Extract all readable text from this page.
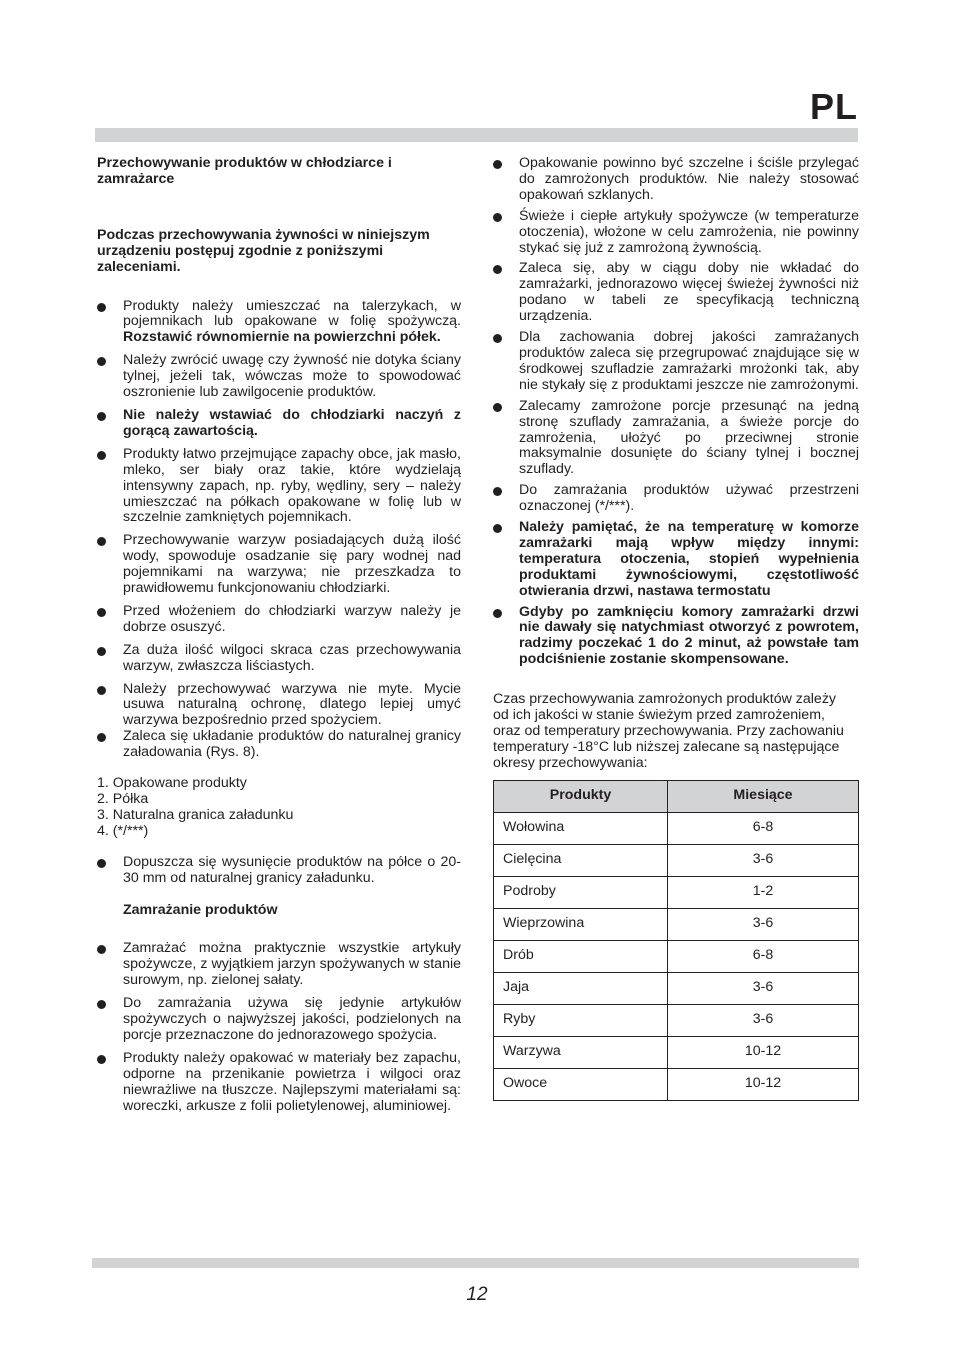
PL

Przechowywanie produktów w chłodziarce i zamrażarce

Podczas przechowywania żywności w niniejszym urządzeniu postępuj zgodnie z poniższymi zaleceniami.

Produkty należy umieszczać na talerzykach, w pojemnikach lub opakowane w folię spożywczą. Rozstawić równomiernie na powierzchni półek.
Należy zwrócić uwagę czy żywność nie dotyka ściany tylnej, jeżeli tak, wówczas może to spowodować oszronienie lub zawilgocenie produktów.
Nie należy wstawiać do chłodziarki naczyń z gorącą zawartością.
Produkty łatwo przejmujące zapachy obce, jak masło, mleko, ser biały oraz takie, które wydzielają intensywny zapach, np. ryby, wędliny, sery – należy umieszczać na półkach opakowane w folię lub w szczelnie zamkniętych pojemnikach.
Przechowywanie warzyw posiadających dużą ilość wody, spowoduje osadzanie się pary wodnej nad pojemnikami na warzywa; nie przeszkadza to prawidłowemu funkcjonowaniu chłodziarki.
Przed włożeniem do chłodziarki warzyw należy je dobrze osuszyć.
Za duża ilość wilgoci skraca czas przechowywania warzyw, zwłaszcza liściastych.
Należy przechowywać warzywa nie myte. Mycie usuwa naturalną ochronę, dlatego lepiej umyć warzywa bezpośrednio przed spożyciem.
Zaleca się układanie produktów do naturalnej granicy załadowania (Rys. 8).
1. Opakowane produkty
2. Półka
3. Naturalna granica załadunku
4. (*/***)
Dopuszcza się wysunięcie produktów na półce o 20-30 mm od naturalnej granicy załadunku.

Zamrażanie produktów

Zamrażać można praktycznie wszystkie artykuły spożywcze, z wyjątkiem jarzyn spożywanych w stanie surowym, np. zielonej sałaty.
Do zamrażania używa się jedynie artykułów spożywczych o najwyższej jakości, podzielonych na porcje przeznaczone do jednorazowego spożycia.
Produkty należy opakować w materiały bez zapachu, odporne na przenikanie powietrza i wilgoci oraz niewrażliwe na tłuszcze. Najlepszymi materiałami są: woreczki, arkusze z folii polietylenowej, aluminiowej.
Opakowanie powinno być szczelne i ściśle przylegać do zamrożonych produktów. Nie należy stosować opakowań szklanych.
Świeże i ciepłe artykuły spożywcze (w temperaturze otoczenia), włożone w celu zamrożenia, nie powinny stykać się już z zamrożoną żywnością.
Zaleca się, aby w ciągu doby nie wkładać do zamrażarki, jednorazowo więcej świeżej żywności niż podano w tabeli ze specyfikacją techniczną urządzenia.
Dla zachowania dobrej jakości zamrażanych produktów zaleca się przegrupować znajdujące się w środkowej szufladzie zamrażarki mrożonki tak, aby nie stykały się z produktami jeszcze nie zamrożonymi.
Zalecamy zamrożone porcje przesunąć na jedną stronę szuflady zamrażania, a świeże porcje do zamrożenia, ułożyć po przeciwnej stronie maksymalnie dosunięte do ściany tylnej i bocznej szuflady.
Do zamrażania produktów używać przestrzeni oznaczonej (*/***).
Należy pamiętać, że na temperaturę w komorze zamrażarki mają wpływ między innymi: temperatura otoczenia, stopień wypełnienia produktami żywnościowymi, częstotliwość otwierania drzwi, nastawa termostatu
Gdyby po zamknięciu komory zamrażarki drzwi nie dawały się natychmiast otworzyć z powrotem, radzimy poczekać 1 do 2 minut, aż powstałe tam podciśnienie zostanie skompensowane.

Czas przechowywania zamrożonych produktów zależy od ich jakości w stanie świeżym przed zamrożeniem, oraz od temperatury przechowywania. Przy zachowaniu temperatury -18°C lub niższej zalecane są następujące okresy przechowywania:

Produkty	Miesiące
Wołowina	6-8
Cielęcina	3-6
Podroby	1-2
Wieprzowina	3-6
Drób	6-8
Jaja	3-6
Ryby	3-6
Warzywa	10-12
Owoce	10-12
12
